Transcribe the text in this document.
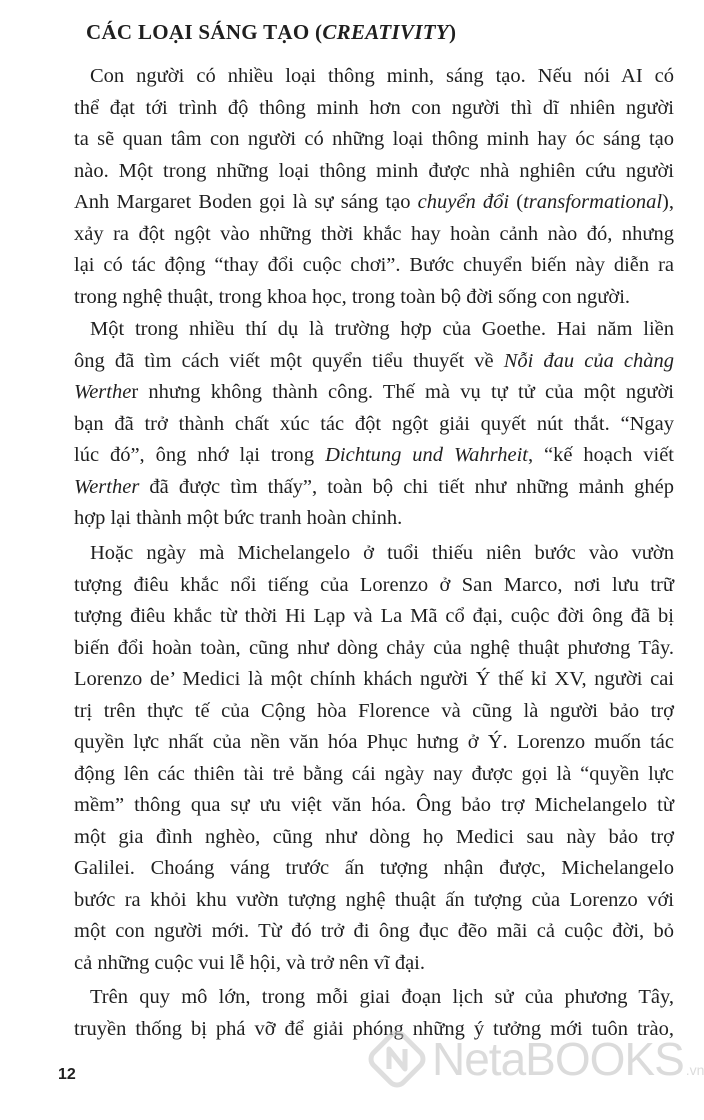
CÁC LOẠI SÁNG TẠO (CREATIVITY)
Con người có nhiều loại thông minh, sáng tạo. Nếu nói AI có
thể đạt tới trình độ thông minh hơn con người thì dĩ nhiên người
ta sẽ quan tâm con người có những loại thông minh hay óc sáng tạo
nào. Một trong những loại thông minh được nhà nghiên cứu người
Anh Margaret Boden gọi là sự sáng tạo chuyển đổi (transformational),
xảy ra đột ngột vào những thời khắc hay hoàn cảnh nào đó, nhưng
lại có tác động “thay đổi cuộc chơi”. Bước chuyển biến này diễn ra
trong nghệ thuật, trong khoa học, trong toàn bộ đời sống con người.
Một trong nhiều thí dụ là trường hợp của Goethe. Hai năm liền
ông đã tìm cách viết một quyển tiểu thuyết về Nỗi đau của chàng
Werther nhưng không thành công. Thế mà vụ tự tử của một người
bạn đã trở thành chất xúc tác đột ngột giải quyết nút thắt. “Ngay
lúc đó”, ông nhớ lại trong Dichtung und Wahrheit, “kế hoạch viết
Werther đã được tìm thấy”, toàn bộ chi tiết như những mảnh ghép
hợp lại thành một bức tranh hoàn chỉnh.
Hoặc ngày mà Michelangelo ở tuổi thiếu niên bước vào vườn
tượng điêu khắc nổi tiếng của Lorenzo ở San Marco, nơi lưu trữ
tượng điêu khắc từ thời Hi Lạp và La Mã cổ đại, cuộc đời ông đã bị
biến đổi hoàn toàn, cũng như dòng chảy của nghệ thuật phương Tây.
Lorenzo de’ Medici là một chính khách người Ý thế kỉ XV, người cai
trị trên thực tế của Cộng hòa Florence và cũng là người bảo trợ
quyền lực nhất của nền văn hóa Phục hưng ở Ý. Lorenzo muốn tác
động lên các thiên tài trẻ bằng cái ngày nay được gọi là “quyền lực
mềm” thông qua sự ưu việt văn hóa. Ông bảo trợ Michelangelo từ
một gia đình nghèo, cũng như dòng họ Medici sau này bảo trợ
Galilei. Choáng váng trước ấn tượng nhận được, Michelangelo
bước ra khỏi khu vườn tượng nghệ thuật ấn tượng của Lorenzo với
một con người mới. Từ đó trở đi ông đục đẽo mãi cả cuộc đời, bỏ
cả những cuộc vui lễ hội, và trở nên vĩ đại.
Trên quy mô lớn, trong mỗi giai đoạn lịch sử của phương Tây,
truyền thống bị phá vỡ để giải phóng những ý tưởng mới tuôn trào,
12	NetaBOOKS .vn
